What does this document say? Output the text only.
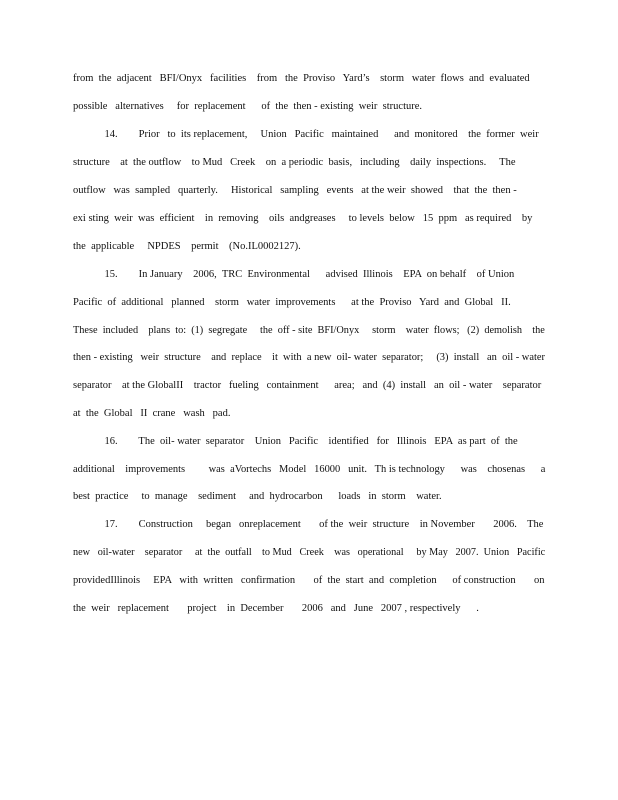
from  the  adjacent   BFI/Onyx   facilities    from   the  Proviso   Yard’s    storm   water  flows  and  evaluated
possible   alternatives     for  replacement      of  the  then - existing  weir  structure.
14.        Prior   to  its replacement,     Union   Pacific   maintained      and  monitored    the  former  weir
structure    at  the outflow    to Mud   Creek    on  a periodic  basis,   including    daily  inspections.     The
outflow   was  sampled   quarterly.     Historical   sampling   events   at the weir  showed    that  the  then -
exi sting  weir  was  efficient    in  removing    oils  andgreases     to levels  below   15  ppm   as required    by
the  applicable     NPDES    permit    (No.IL0002127).
15.        In January    2006,  TRC  Environmental      advised  Illinois    EPA  on behalf    of Union
Pacific  of  additional   planned    storm   water  improvements      at the  Proviso   Yard  and  Global   II.
These  included    plans  to:  (1)  segregate     the  off - site  BFI/Onyx     storm    water  flows;   (2)  demolish    the
then - existing   weir  structure    and  replace    it  with  a new  oil- water  separator;     (3)  install   an  oil - water
separator    at the GlobalII    tractor   fueling   containment      area;   and  (4)  install   an  oil - water    separator
at  the  Global   II  crane   wash   pad.
16.        The  oil- water  separator    Union   Pacific    identified   for   Illinois   EPA  as part  of  the
additional    improvements         was  aVortechs   Model   16000   unit.   Th is technology      was    chosenas      a
best  practice     to  manage    sediment     and  hydrocarbon      loads   in  storm    water.
17.        Construction     began   onreplacement       of the  weir  structure    in November       2006.    The
new   oil-water    separator     at  the  outfall    to Mud   Creek    was   operational     by May   2007.  Union   Pacific
providedIllinois     EPA   with  written   confirmation       of  the  start  and  completion      of construction       on
the  weir   replacement       project    in  December       2006   and   June   2007 , respectively      .
